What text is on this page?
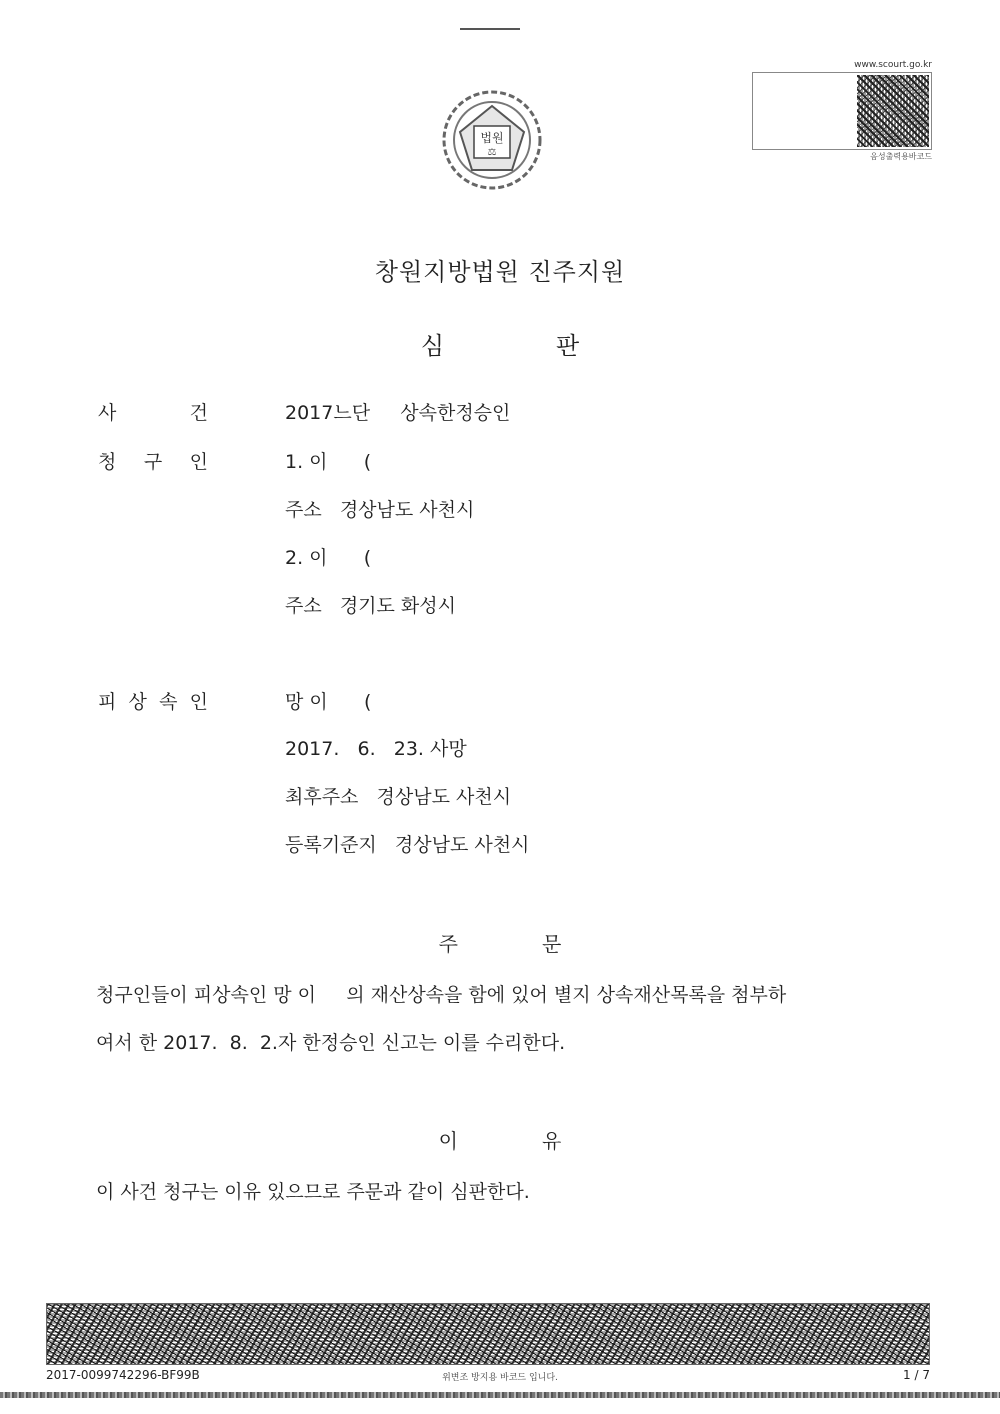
법원
⚖
www.scourt.go.kr
음성출력용바코드
창원지방법원 진주지원
심	판
사	건	2017느단     상속한정승인
청 구 인	1. 이      (
주소   경상남도 사천시
2. 이      (
주소   경기도 화성시
피 상 속 인	망 이      (
2017.   6.   23. 사망
최후주소   경상남도 사천시
등록기준지   경상남도 사천시
주	문
청구인들이 피상속인 망 이     의 재산상속을 함에 있어 별지 상속재산목록을 첨부하
여서 한 2017.  8.  2.자 한정승인 신고는 이를 수리한다.
이	유
이 사건 청구는 이유 있으므로 주문과 같이 심판한다.
2017-0099742296-BF99B	위변조 방지용 바코드 입니다.	1 / 7
